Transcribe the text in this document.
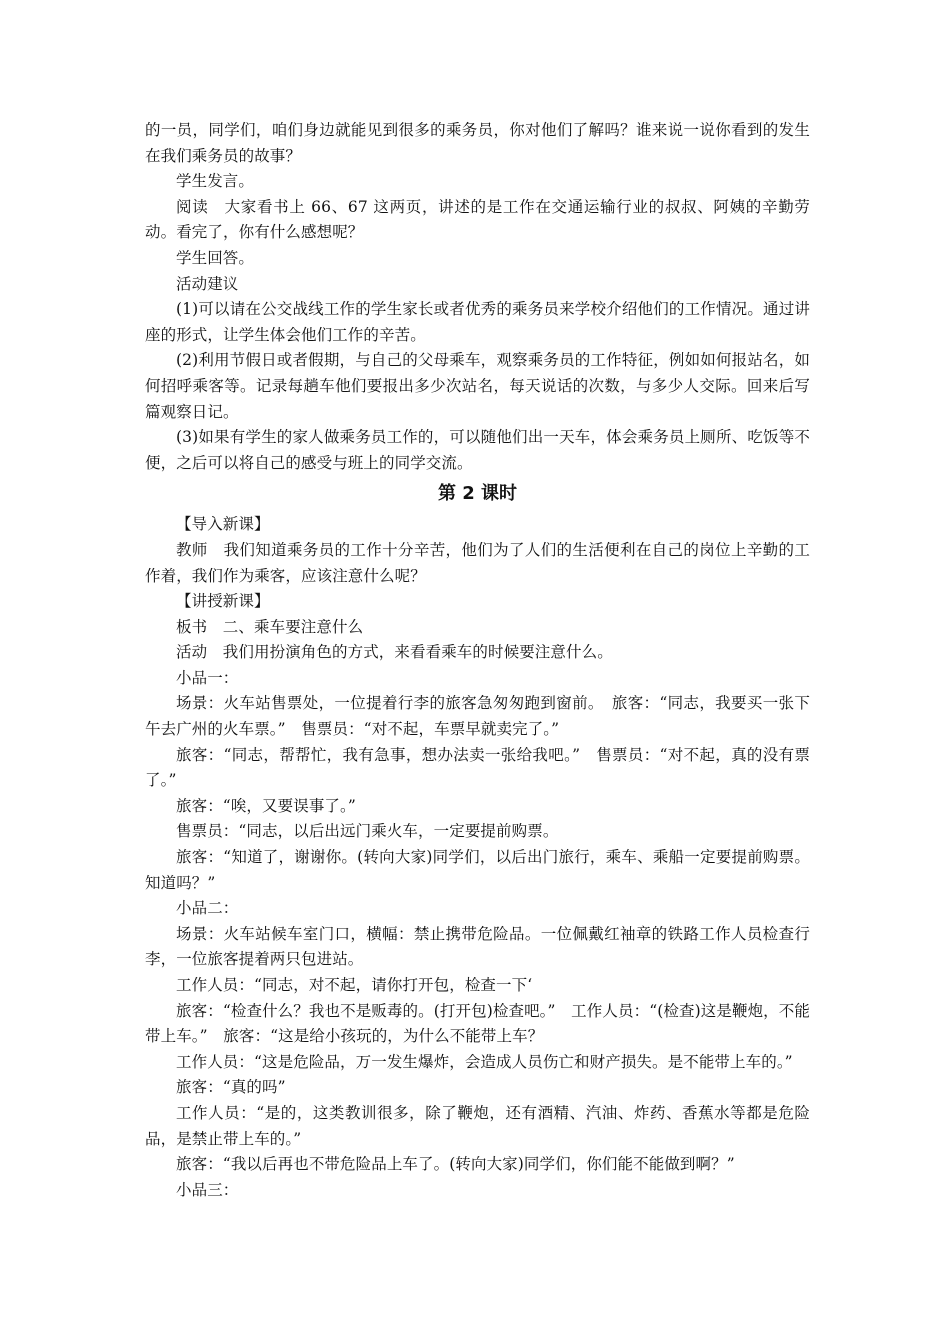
的一员，同学们，咱们身边就能见到很多的乘务员，你对他们了解吗？谁来说一说你看到的发生在我们乘务员的故事？

学生发言。

阅读　大家看书上 66、67 这两页，讲述的是工作在交通运输行业的叔叔、阿姨的辛勤劳动。看完了，你有什么感想呢？

学生回答。

活动建议

(1)可以请在公交战线工作的学生家长或者优秀的乘务员来学校介绍他们的工作情况。通过讲座的形式，让学生体会他们工作的辛苦。

(2)利用节假日或者假期，与自己的父母乘车，观察乘务员的工作特征，例如如何报站名，如何招呼乘客等。记录每趟车他们要报出多少次站名，每天说话的次数，与多少人交际。回来后写篇观察日记。

(3)如果有学生的家人做乘务员工作的，可以随他们出一天车，体会乘务员上厕所、吃饭等不便，之后可以将自己的感受与班上的同学交流。

第 2 课时

【导入新课】

教师　我们知道乘务员的工作十分辛苦，他们为了人们的生活便利在自己的岗位上辛勤的工作着，我们作为乘客，应该注意什么呢？

【讲授新课】

板书　二、乘车要注意什么

活动　我们用扮演角色的方式，来看看乘车的时候要注意什么。

小品一：

场景：火车站售票处，一位提着行李的旅客急匆匆跑到窗前。　旅客：“同志，我要买一张下午去广州的火车票。”　售票员：“对不起，车票早就卖完了。”

旅客：“同志，帮帮忙，我有急事，想办法卖一张给我吧。”　售票员：“对不起，真的没有票了。”

旅客：“唉，又要误事了。”

售票员：“同志，以后出远门乘火车，一定要提前购票。

旅客：“知道了，谢谢你。(转向大家)同学们，以后出门旅行，乘车、乘船一定要提前购票。知道吗？”

小品二：

场景：火车站候车室门口，横幅：禁止携带危险品。一位佩戴红袖章的铁路工作人员检查行李，一位旅客提着两只包进站。

工作人员：“同志，对不起，请你打开包，检查一下‘

旅客：“检查什么？我也不是贩毒的。(打开包)检查吧。”　工作人员：“(检查)这是鞭炮，不能带上车。”　旅客：“这是给小孩玩的，为什么不能带上车？

工作人员：“这是危险品，万一发生爆炸，会造成人员伤亡和财产损失。是不能带上车的。”

旅客：“真的吗”

工作人员：“是的，这类教训很多，除了鞭炮，还有酒精、汽油、炸药、香蕉水等都是危险品，是禁止带上车的。”

旅客：“我以后再也不带危险品上车了。(转向大家)同学们，你们能不能做到啊？”

小品三：
